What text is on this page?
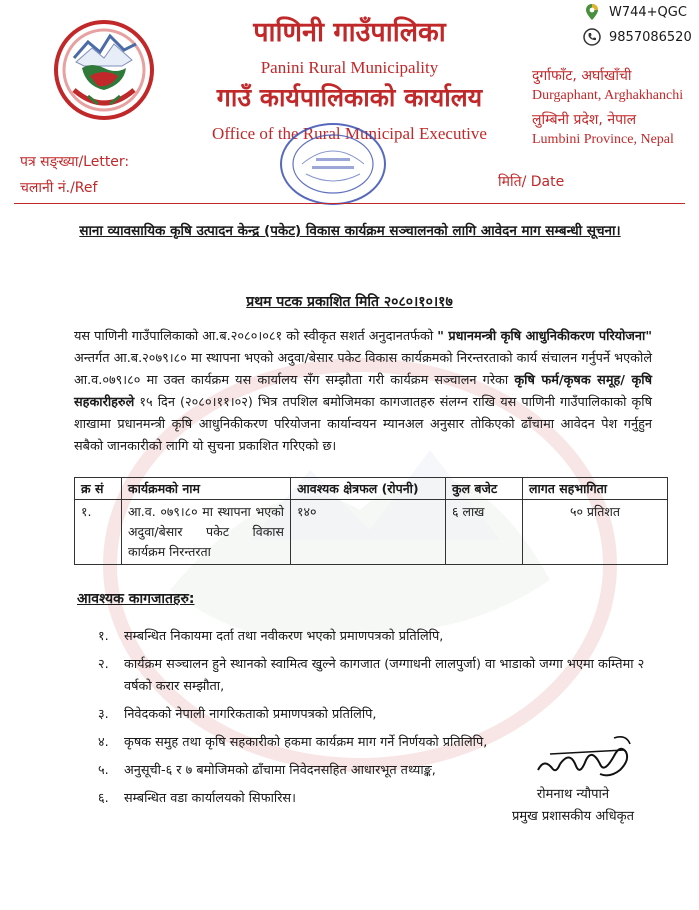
पाणिनी गाउँपालिका
Panini Rural Municipality
गाउँ कार्यपालिकाको कार्यालय
Office of the Rural Municipal Executive
W744+QGC
9857086520
दुर्गाफाँट, अर्घाखाँची
Durgaphant, Arghakhanchi
लुम्बिनी प्रदेश, नेपाल
Lumbini Province, Nepal
पत्र सङ्ख्या/Letter:
चलानी नं./Ref	मिति/ Date
साना व्यावसायिक कृषि उत्पादन केन्द्र (पकेट) विकास कार्यक्रम सञ्चालनको लागि आवेदन माग सम्बन्धी सूचना।
प्रथम पटक प्रकाशित मिति २०८०।१०।१७
यस पाणिनी गाउँपालिकाको आ.ब.२०८०।०८१ को स्वीकृत सशर्त अनुदानतर्फको " प्रधानमन्त्री कृषि आधुनिकीकरण परियोजना" अन्तर्गत आ.ब.२०७९।८० मा स्थापना भएको अदुवा/बेसार पकेट विकास कार्यक्रमको निरन्तरताको कार्य संचालन गर्नुपर्ने भएकोले आ.व.०७९।८० मा उक्त कार्यक्रम यस कार्यालय सँग सम्झौता गरी कार्यक्रम सञ्चालन गरेका कृषि फर्म/कृषक समूह/ कृषि सहकारीहरुले १५ दिन (२०८०।११।०२) भित्र तपशिल बमोजिमका कागजातहरु संलग्न राखि यस पाणिनी गाउँपालिकाको कृषि शाखामा प्रधानमन्त्री कृषि आधुनिकीकरण परियोजना कार्यान्वयन म्यानअल अनुसार तोकिएको ढाँचामा आवेदन पेश गर्नुहुन सबैको जानकारीको लागि यो सुचना प्रकाशित गरिएको छ।
क्र सं	कार्यक्रमको नाम	आवश्यक क्षेत्रफल (रोपनी)	कुल बजेट	लागत सहभागिता
१.	आ.व. ०७९।८० मा स्थापना भएको अदुवा/बेसार पकेट विकास कार्यक्रम निरन्तरता	१४०	६ लाख	५० प्रतिशत
आवश्यक कागजातहरु:
१.	सम्बन्धित निकायमा दर्ता तथा नवीकरण भएको प्रमाणपत्रको प्रतिलिपि,
२.	कार्यक्रम सञ्चालन हुने स्थानको स्वामित्व खुल्ने कागजात (जग्गाधनी लालपुर्जा) वा भाडाको जग्गा भएमा कम्तिमा २ वर्षको करार सम्झौता,
३.	निवेदकको नेपाली नागरिकताको प्रमाणपत्रको प्रतिलिपि,
४.	कृषक समुह तथा कृषि सहकारीको हकमा कार्यक्रम माग गर्ने निर्णयको प्रतिलिपि,
५.	अनुसूची-६ र ७ बमोजिमको ढाँचामा निवेदनसहित आधारभूत तथ्याङ्क,
६.	सम्बन्धित वडा कार्यालयको सिफारिस।	रोमनाथ न्यौपाने
प्रमुख प्रशासकीय अधिकृत
